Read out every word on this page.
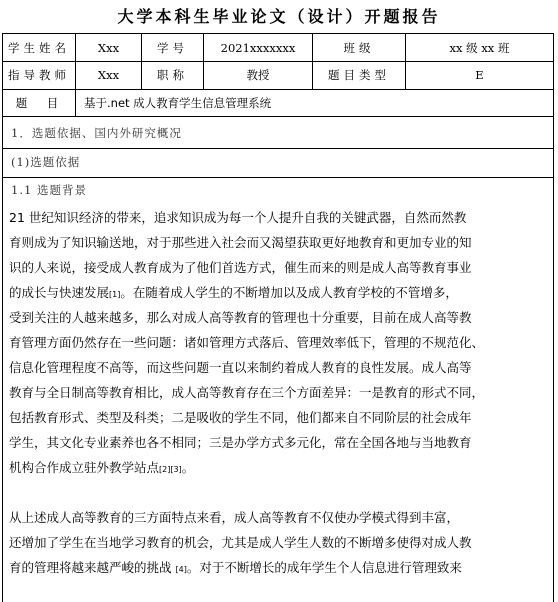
大学本科生毕业论文（设计）开题报告
学生姓名	Xxx	学号	2021xxxxxxx	班级	xx 级 xx 班
指导教师	Xxx	职称	教授	题目类型	E
题　目	基于.net 成人教育学生信息管理系统
1．选题依据、国内外研究概况
(1)选题依据
1.1 选题背景
21 世纪知识经济的带来，追求知识成为每一个人提升自我的关键武器，自然而然教
育则成为了知识输送地，对于那些进入社会而又渴望获取更好地教育和更加专业的知
识的人来说，接受成人教育成为了他们首选方式，催生而来的则是成人高等教育事业
的成长与快速发展[1]。在随着成人学生的不断增加以及成人教育学校的不管增多，
受到关注的人越来越多，那么对成人高等教育的管理也十分重要，目前在成人高等教
育管理方面仍然存在一些问题：诸如管理方式落后、管理效率低下，管理的不规范化、
信息化管理程度不高等，而这些问题一直以来制约着成人教育的良性发展。成人高等
教育与全日制高等教育相比，成人高等教育存在三个方面差异：一是教育的形式不同，
包括教育形式、类型及科类；二是吸收的学生不同，他们都来自不同阶层的社会成年
学生，其文化专业素养也各不相同；三是办学方式多元化，常在全国各地与当地教育
机构合作成立驻外教学站点[2][3]。
从上述成人高等教育的三方面特点来看，成人高等教育不仅使办学模式得到丰富，
还增加了学生在当地学习教育的机会，尤其是成人学生人数的不断增多使得对成人教
育的管理将越来越严峻的挑战 [4]。对于不断增长的成年学生个人信息进行管理致来
